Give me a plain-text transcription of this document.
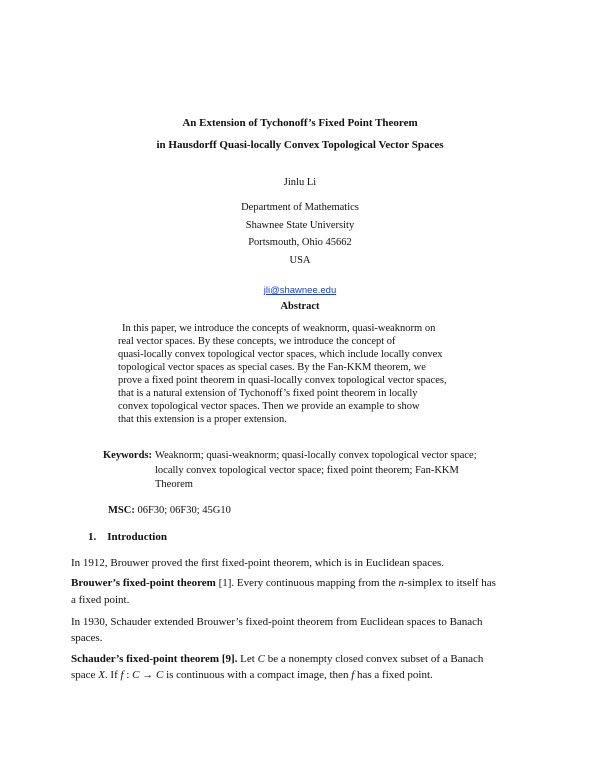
An Extension of Tychonoff’s Fixed Point Theorem
in Hausdorff Quasi-locally Convex Topological Vector Spaces
Jinlu Li
Department of Mathematics
Shawnee State University
Portsmouth, Ohio 45662
USA
jli@shawnee.edu
Abstract
In this paper, we introduce the concepts of weaknorm, quasi-weaknorm on
real vector spaces. By these concepts, we introduce the concept of
quasi-locally convex topological vector spaces, which include locally convex
topological vector spaces as special cases. By the Fan-KKM theorem, we
prove a fixed point theorem in quasi-locally convex topological vector spaces,
that is a natural extension of Tychonoff’s fixed point theorem in locally
convex topological vector spaces. Then we provide an example to show
that this extension is a proper extension.
Keywords: Weaknorm; quasi-weaknorm; quasi-locally convex topological vector space;
locally convex topological vector space; fixed point theorem; Fan-KKM
Theorem
MSC: 06F30; 06F30; 45G10
1. Introduction
In 1912, Brouwer proved the first fixed-point theorem, which is in Euclidean spaces.
Brouwer’s fixed-point theorem [1]. Every continuous mapping from the n-simplex to itself has
a fixed point.
In 1930, Schauder extended Brouwer’s fixed-point theorem from Euclidean spaces to Banach
spaces.
Schauder’s fixed-point theorem [9]. Let C be a nonempty closed convex subset of a Banach
space X. If f : C → C is continuous with a compact image, then f has a fixed point.
